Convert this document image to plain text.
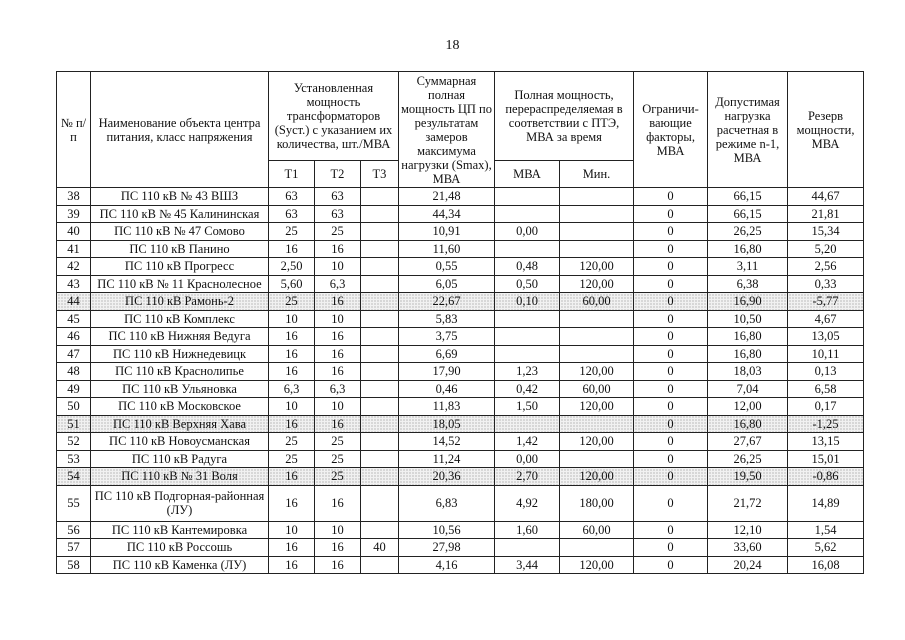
18
№ п/п	Наименование объекта центра питания, класс напряжения	Установленная мощность трансформаторов (Sуст.) с указанием их количества, шт./МВА			Суммарная полная мощность ЦП по результатам замеров максимума нагрузки (Smax), МВА	Полная мощность, перераспределяемая в соответствии с ПТЭ, МВА за время		Ограничи-вающие факторы, МВА	Допустимая нагрузка расчетная в режиме n-1, МВА	Резерв мощности, МВА
		Т1	Т2	Т3		МВА	Мин.			
38	ПС 110 кВ № 43 ВШЗ	63	63		21,48			0	66,15	44,67
39	ПС 110 кВ № 45 Калининская	63	63		44,34			0	66,15	21,81
40	ПС 110 кВ № 47 Сомово	25	25		10,91	0,00		0	26,25	15,34
41	ПС 110 кВ Панино	16	16		11,60			0	16,80	5,20
42	ПС 110 кВ Прогресс	2,50	10		0,55	0,48	120,00	0	3,11	2,56
43	ПС 110 кВ № 11 Краснолесное	5,60	6,3		6,05	0,50	120,00	0	6,38	0,33
44	ПС 110 кВ Рамонь-2	25	16		22,67	0,10	60,00	0	16,90	-5,77
45	ПС 110 кВ Комплекс	10	10		5,83			0	10,50	4,67
46	ПС 110 кВ Нижняя Ведуга	16	16		3,75			0	16,80	13,05
47	ПС 110 кВ Нижнедевицк	16	16		6,69			0	16,80	10,11
48	ПС 110 кВ Краснолипье	16	16		17,90	1,23	120,00	0	18,03	0,13
49	ПС 110 кВ Ульяновка	6,3	6,3		0,46	0,42	60,00	0	7,04	6,58
50	ПС 110 кВ Московское	10	10		11,83	1,50	120,00	0	12,00	0,17
51	ПС 110 кВ Верхняя Хава	16	16		18,05			0	16,80	-1,25
52	ПС 110 кВ Новоусманская	25	25		14,52	1,42	120,00	0	27,67	13,15
53	ПС 110 кВ Радуга	25	25		11,24	0,00		0	26,25	15,01
54	ПС 110 кВ № 31 Воля	16	25		20,36	2,70	120,00	0	19,50	-0,86
55	ПС 110 кВ Подгорная-районная (ЛУ)	16	16		6,83	4,92	180,00	0	21,72	14,89
56	ПС 110 кВ Кантемировка	10	10		10,56	1,60	60,00	0	12,10	1,54
57	ПС 110 кВ Россошь	16	16	40	27,98			0	33,60	5,62
58	ПС 110 кВ Каменка (ЛУ)	16	16		4,16	3,44	120,00	0	20,24	16,08
